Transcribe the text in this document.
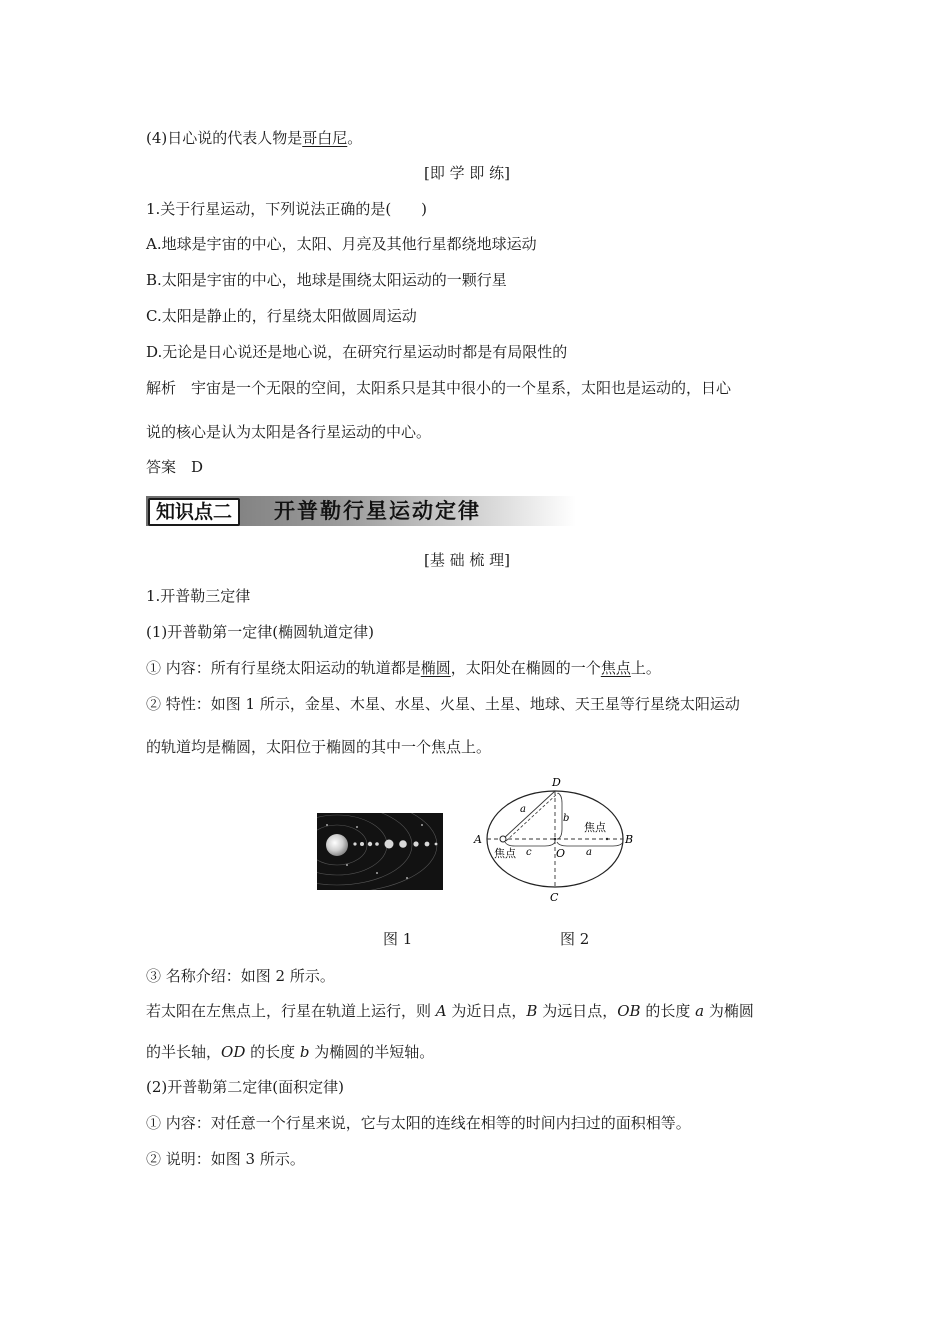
(4)日心说的代表人物是哥白尼。
[即 学 即 练]
1.关于行星运动，下列说法正确的是(　　)
A.地球是宇宙的中心，太阳、月亮及其他行星都绕地球运动
B.太阳是宇宙的中心，地球是围绕太阳运动的一颗行星
C.太阳是静止的，行星绕太阳做圆周运动
D.无论是日心说还是地心说，在研究行星运动时都是有局限性的
解析　宇宙是一个无限的空间，太阳系只是其中很小的一个星系，太阳也是运动的，日心
说的核心是认为太阳是各行星运动的中心。
答案　D
知识点二	开普勒行星运动定律
[基 础 梳 理]
1.开普勒三定律
(1)开普勒第一定律(椭圆轨道定律)
① 内容：所有行星绕太阳运动的轨道都是椭圆，太阳处在椭圆的一个焦点上。
② 特性：如图 1 所示，金星、木星、水星、火星、土星、地球、天王星等行星绕太阳运动
的轨道均是椭圆，太阳位于椭圆的其中一个焦点上。
D
A	B
C
O
a
a
b
c
焦点
焦点
图 1	图 2
③ 名称介绍：如图 2 所示。
若太阳在左焦点上，行星在轨道上运行，则 A 为近日点，B 为远日点，OB 的长度 a 为椭圆
的半长轴，OD 的长度 b 为椭圆的半短轴。
(2)开普勒第二定律(面积定律)
① 内容：对任意一个行星来说，它与太阳的连线在相等的时间内扫过的面积相等。
② 说明：如图 3 所示。
